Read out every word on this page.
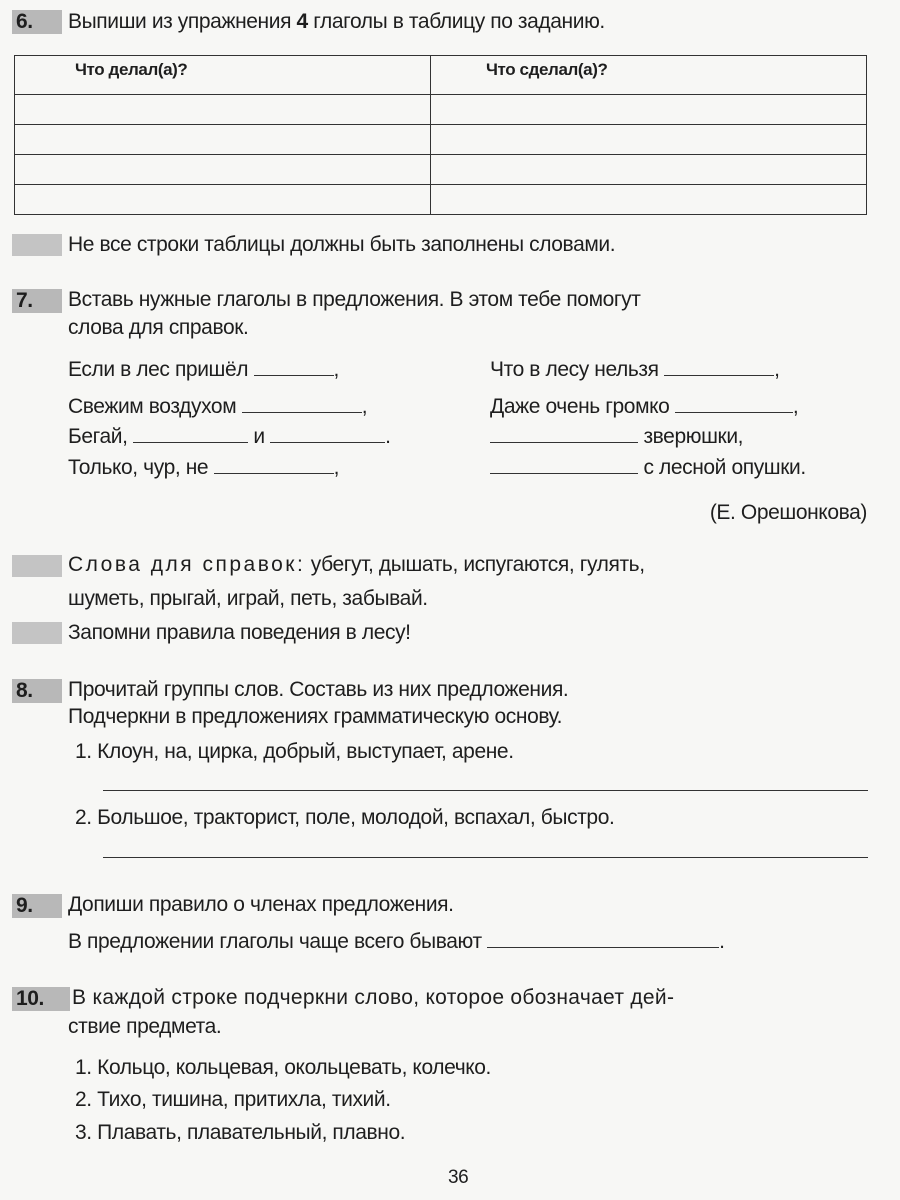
6.	Выпиши из упражнения 4 глаголы в таблицу по заданию.
Что делал(а)?	Что сделал(а)?

Не все строки таблицы должны быть заполнены словами.
7.	Вставь нужные глаголы в предложения. В этом тебе помогут
слова для справок.
Если в лес пришёл	,	Что в лесу нельзя	,
Свежим воздухом	,	Даже очень громко	,
Бегай,	и	.	зверюшки,
Только, чур, не	,	с лесной опушки.
(Е. Орешонкова)
Слова для справок: убегут, дышать, испугаются, гулять,
шуметь, прыгай, играй, петь, забывай.
Запомни правила поведения в лесу!
8.	Прочитай группы слов. Составь из них предложения.
Подчеркни в предложениях грамматическую основу.
1. Клоун, на, цирка, добрый, выступает, арене.
2. Большое, тракторист, поле, молодой, вспахал, быстро.
9.	Допиши правило о членах предложения.
В предложении глаголы чаще всего бывают	.
10.	В каждой строке подчеркни слово, которое обозначает дей-
ствие предмета.
1. Кольцо, кольцевая, окольцевать, колечко.
2. Тихо, тишина, притихла, тихий.
3. Плавать, плавательный, плавно.
36
